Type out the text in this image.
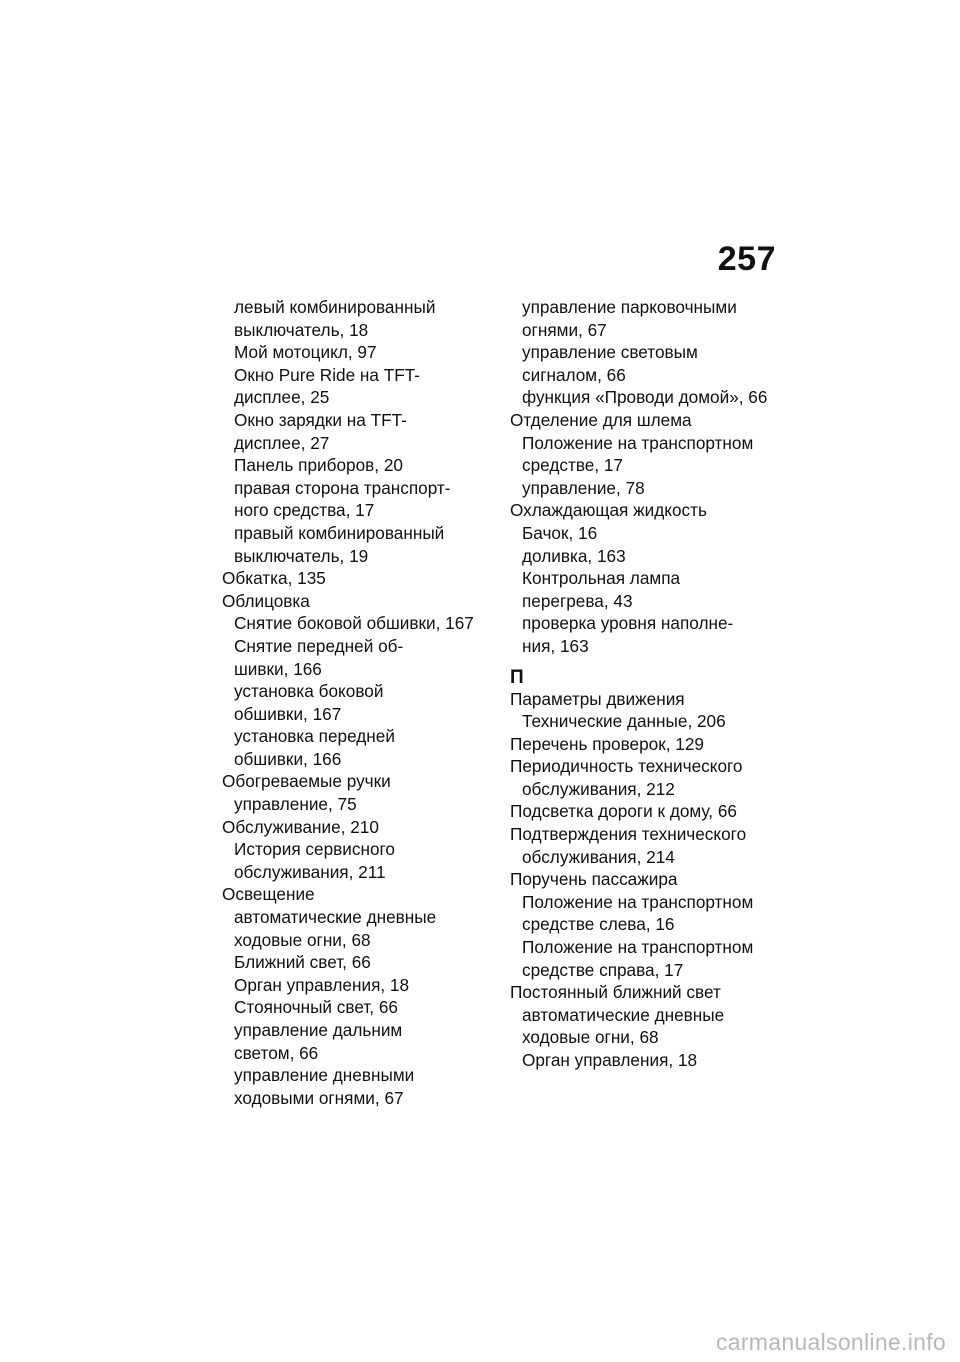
257
левый комбинированный
выключатель, 18
Мой мотоцикл, 97
Окно Pure Ride на TFT-
дисплее, 25
Окно зарядки на TFT-
дисплее, 27
Панель приборов, 20
правая сторона транспорт-
ного средства, 17
правый комбинированный
выключатель, 19
Обкатка, 135
Облицовка
Снятие боковой обшивки, 167
Снятие передней об-
шивки, 166
установка боковой
обшивки, 167
установка передней
обшивки, 166
Обогреваемые ручки
управление, 75
Обслуживание, 210
История сервисного
обслуживания, 211
Освещение
автоматические дневные
ходовые огни, 68
Ближний свет, 66
Орган управления, 18
Стояночный свет, 66
управление дальним
светом, 66
управление дневными
ходовыми огнями, 67
управление парковочными
огнями, 67
управление световым
сигналом, 66
функция «Проводи домой», 66
Отделение для шлема
Положение на транспортном
средстве, 17
управление, 78
Охлаждающая жидкость
Бачок, 16
доливка, 163
Контрольная лампа
перегрева, 43
проверка уровня наполне-
ния, 163
П
Параметры движения
Технические данные, 206
Перечень проверок, 129
Периодичность технического
обслуживания, 212
Подсветка дороги к дому, 66
Подтверждения технического
обслуживания, 214
Поручень пассажира
Положение на транспортном
средстве слева, 16
Положение на транспортном
средстве справа, 17
Постоянный ближний свет
автоматические дневные
ходовые огни, 68
Орган управления, 18
carmanualsonline.info
